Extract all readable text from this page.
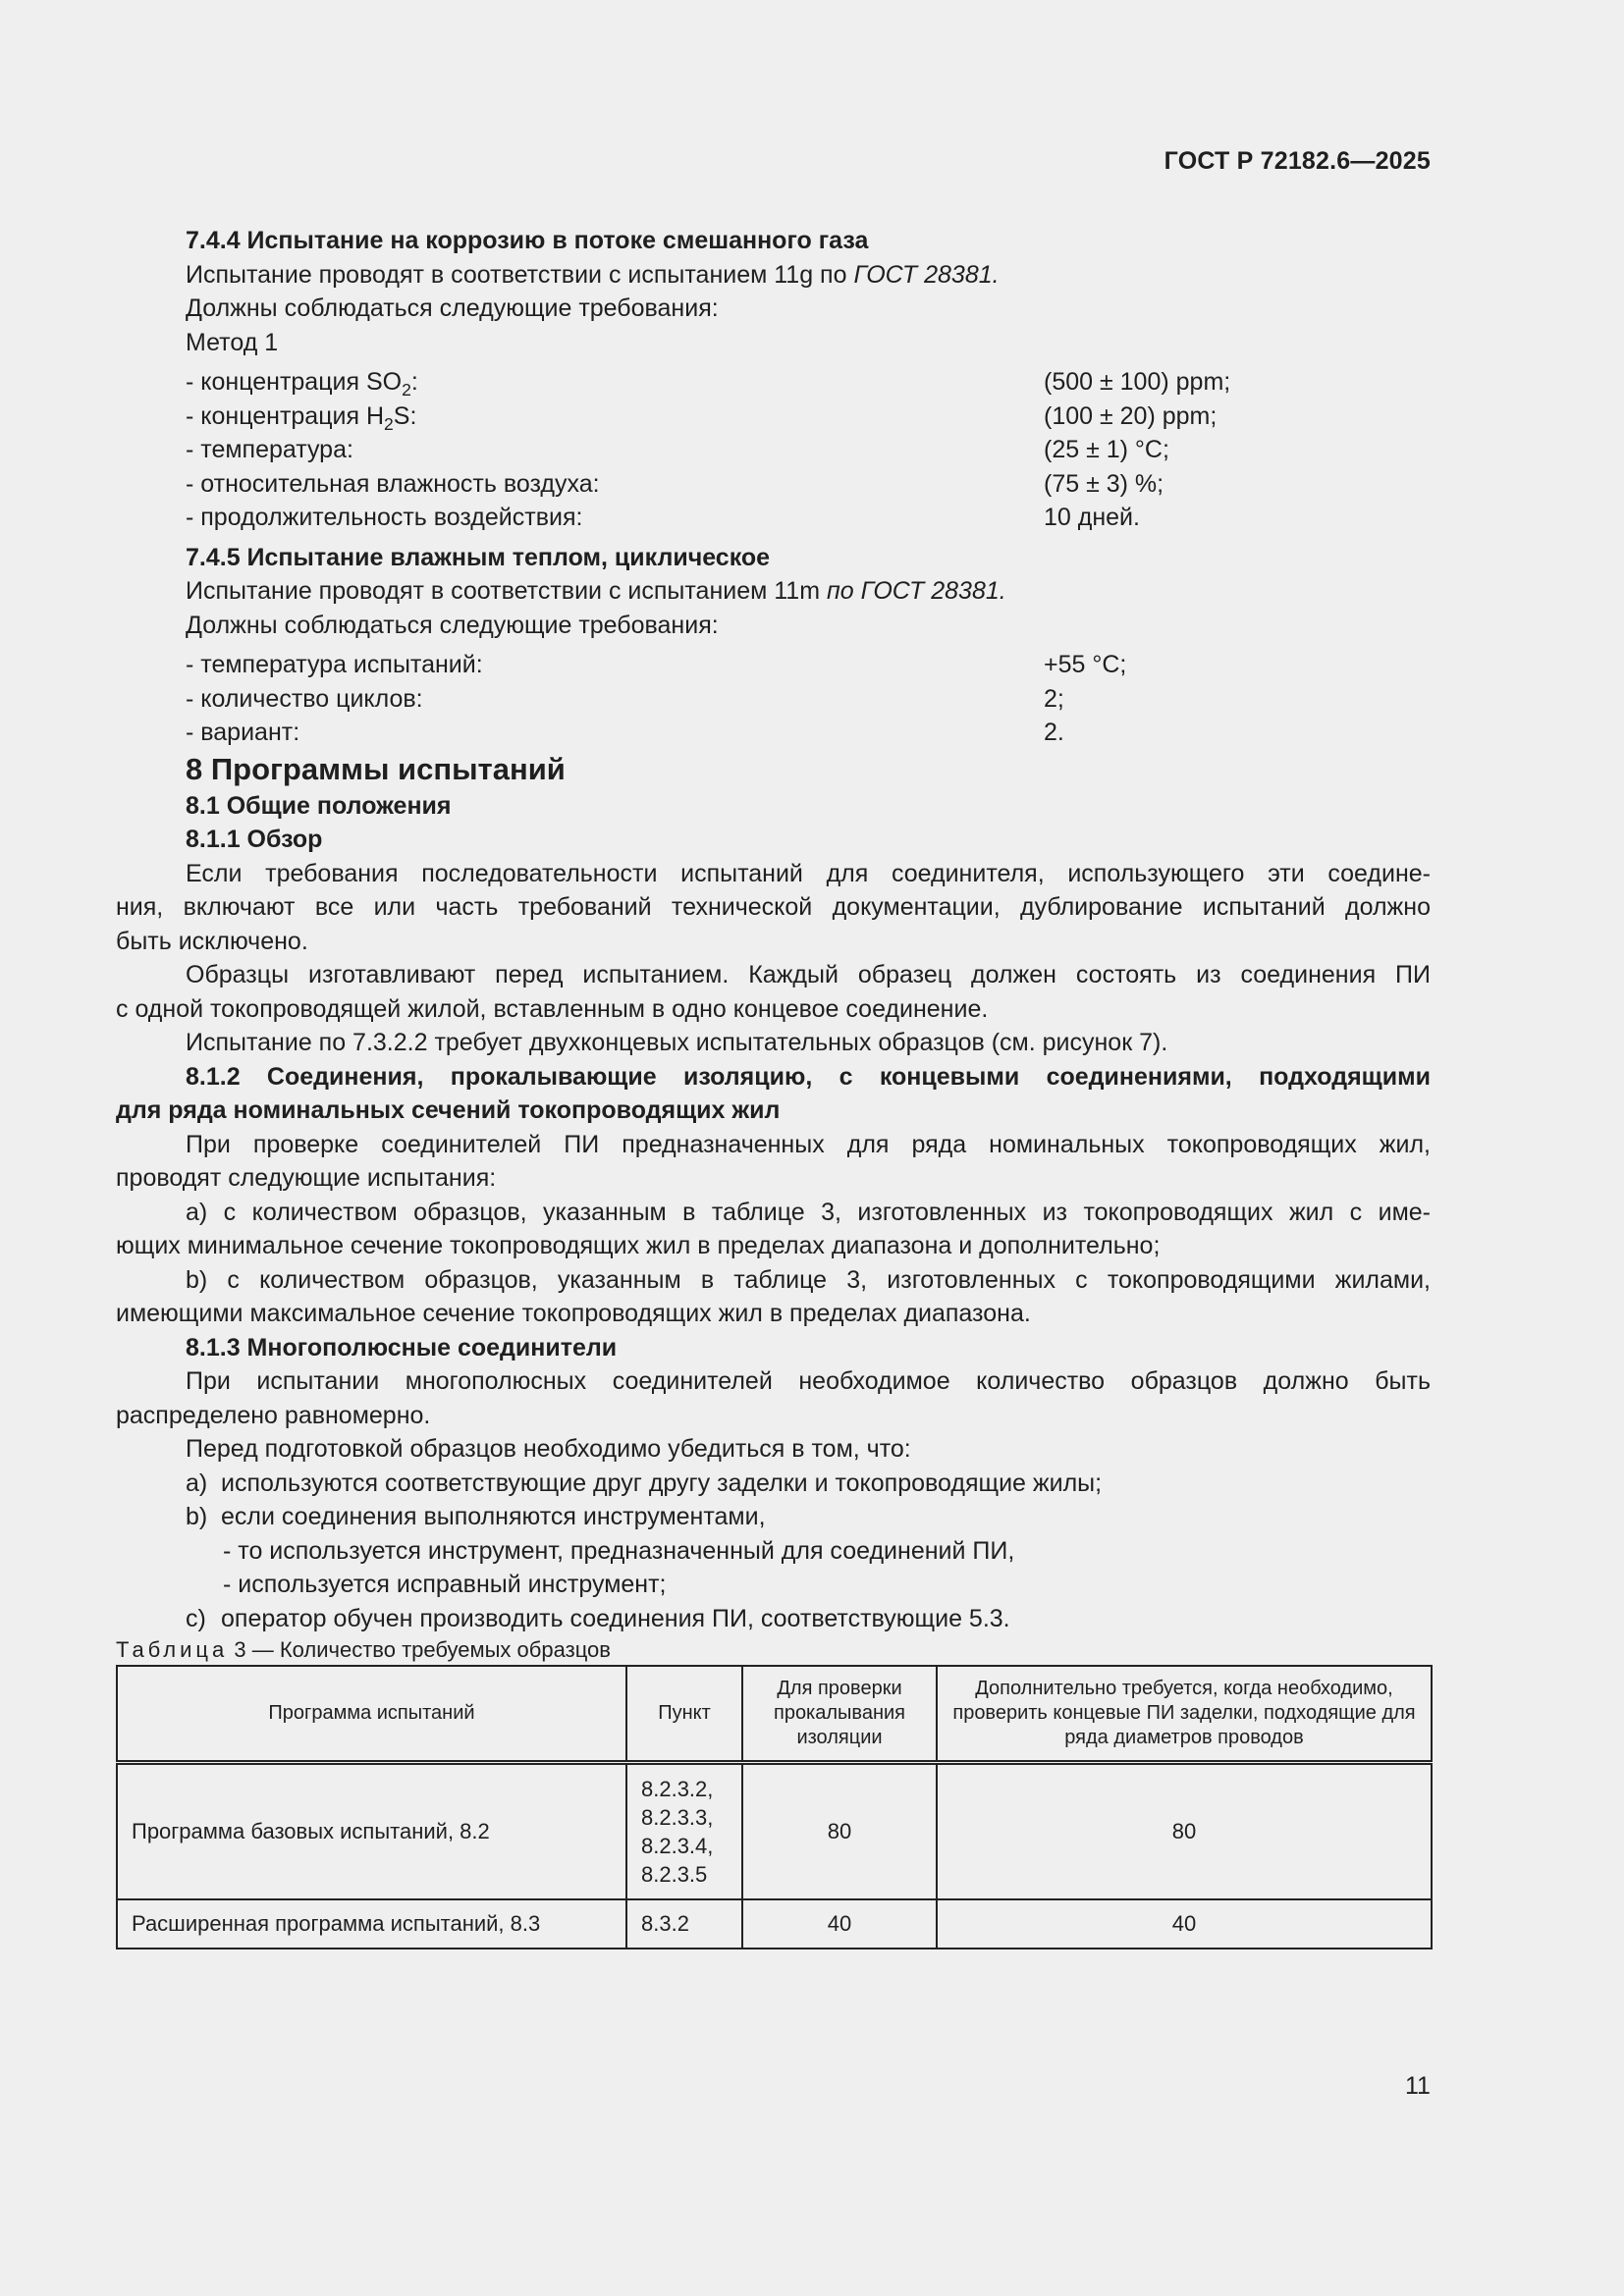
ГОСТ Р 72182.6—2025

7.4.4 Испытание на коррозию в потоке смешанного газа

Испытание проводят в соответствии с испытанием 11g по ГОСТ 28381.

Должны соблюдаться следующие требования:

Метод 1

- концентрация $SO_2$:	(500 ± 100) ppm;
- концентрация $H_2S$:	(100 ± 20) ppm;
- температура:	(25 ± 1) °C;
- относительная влажность воздуха:	(75 ± 3) %;
- продолжительность воздействия:	10 дней.

7.4.5 Испытание влажным теплом, циклическое

Испытание проводят в соответствии с испытанием 11m по ГОСТ 28381.

Должны соблюдаться следующие требования:

- температура испытаний:	+55 °C;
- количество циклов:	2;
- вариант:	2.

8 Программы испытаний

8.1 Общие положения

8.1.1 Обзор

Если требования последовательности испытаний для соединителя, использующего эти соедине-

ния, включают все или часть требований технической документации, дублирование испытаний должно

быть исключено.

Образцы изготавливают перед испытанием. Каждый образец должен состоять из соединения ПИ

с одной токопроводящей жилой, вставленным в одно концевое соединение.

Испытание по 7.3.2.2 требует двухконцевых испытательных образцов (см. рисунок 7).

8.1.2 Соединения, прокалывающие изоляцию, с концевыми соединениями, подходящими

для ряда номинальных сечений токопроводящих жил

При проверке соединителей ПИ предназначенных для ряда номинальных токопроводящих жил,

проводят следующие испытания:

а) с количеством образцов, указанным в таблице 3, изготовленных из токопроводящих жил с име-

ющих минимальное сечение токопроводящих жил в пределах диапазона и дополнительно;

b) с количеством образцов, указанным в таблице 3, изготовленных с токопроводящими жилами,

имеющими максимальное сечение токопроводящих жил в пределах диапазона.

8.1.3 Многополюсные соединители

При испытании многополюсных соединителей необходимое количество образцов должно быть

распределено равномерно.

Перед подготовкой образцов необходимо убедиться в том, что:

а) используются соответствующие друг другу заделки и токопроводящие жилы;
b) если соединения выполняются инструментами,

- то используется инструмент, предназначенный для соединений ПИ,

- используется исправный инструмент;

с) оператор обучен производить соединения ПИ, соответствующие 5.3.

Таблица 3 — Количество требуемых образцов

Программа испытаний	Пункт	Для проверки прокалывания изоляции	Дополнительно требуется, когда необходимо, проверить концевые ПИ заделки, подходящие для ряда диаметров проводов
Программа базовых испытаний, 8.2	8.2.3.2,
8.2.3.3,
8.2.3.4,
8.2.3.5	80	80
Расширенная программа испытаний, 8.3	8.3.2	40	40
11
